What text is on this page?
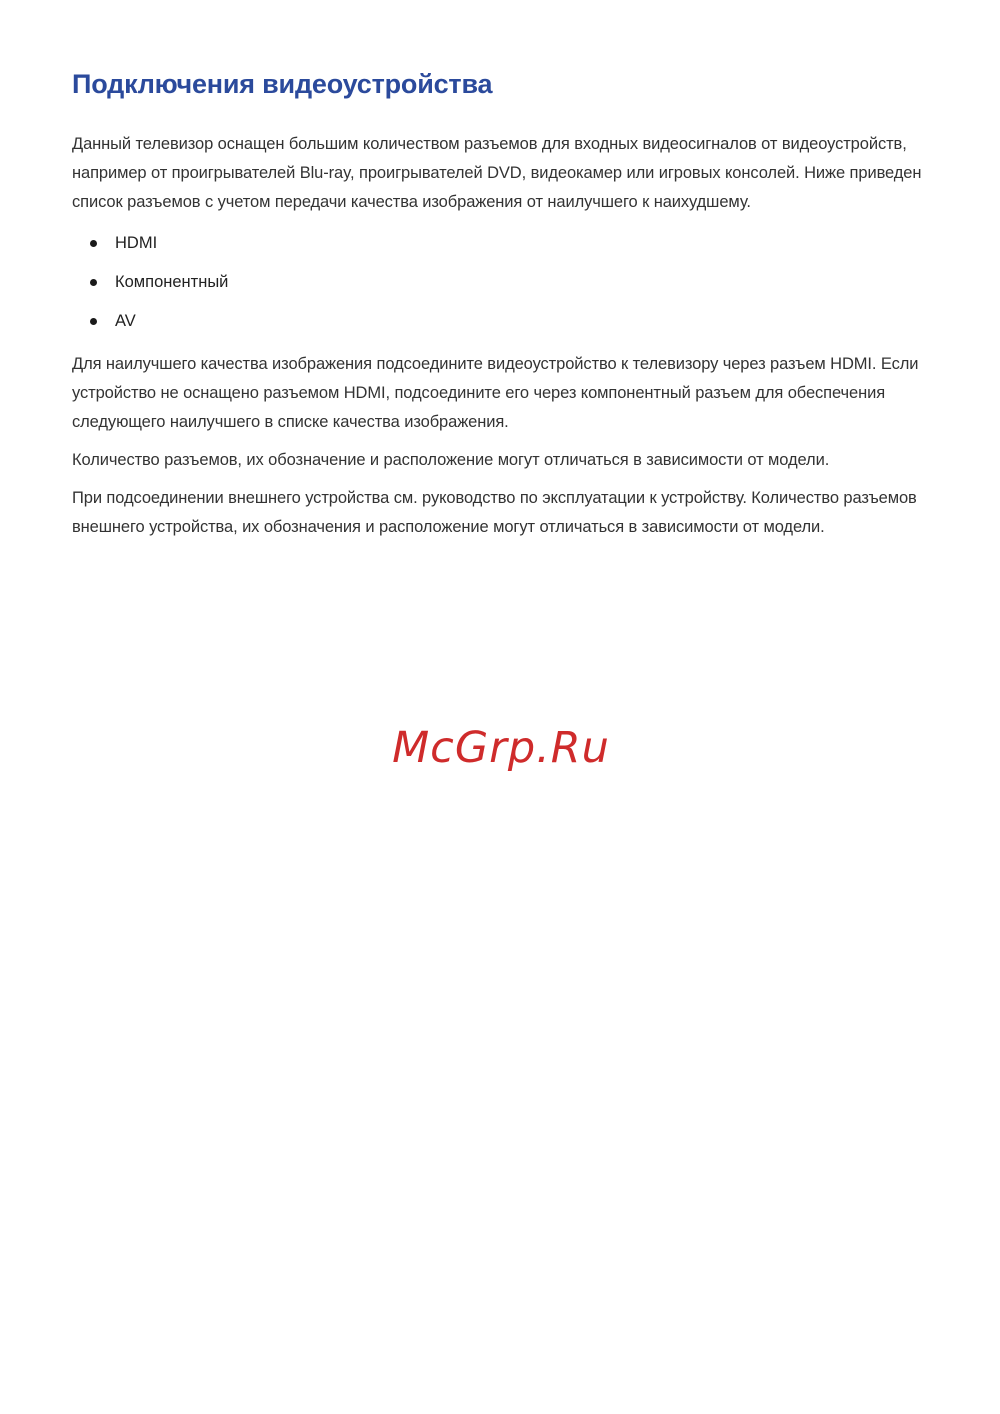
Подключения видеоустройства

Данный телевизор оснащен большим количеством разъемов для входных видеосигналов от видеоустройств, например от проигрывателей Blu-ray, проигрывателей DVD, видеокамер или игровых консолей. Ниже приведен список разъемов с учетом передачи качества изображения от наилучшего к наихудшему.

HDMI
Компонентный
AV

Для наилучшего качества изображения подсоедините видеоустройство к телевизору через разъем HDMI. Если устройство не оснащено разъемом HDMI, подсоедините его через компонентный разъем для обеспечения следующего наилучшего в списке качества изображения.

Количество разъемов, их обозначение и расположение могут отличаться в зависимости от модели.

При подсоединении внешнего устройства см. руководство по эксплуатации к устройству. Количество разъемов внешнего устройства, их обозначения и расположение могут отличаться в зависимости от модели.

McGrp.Ru
